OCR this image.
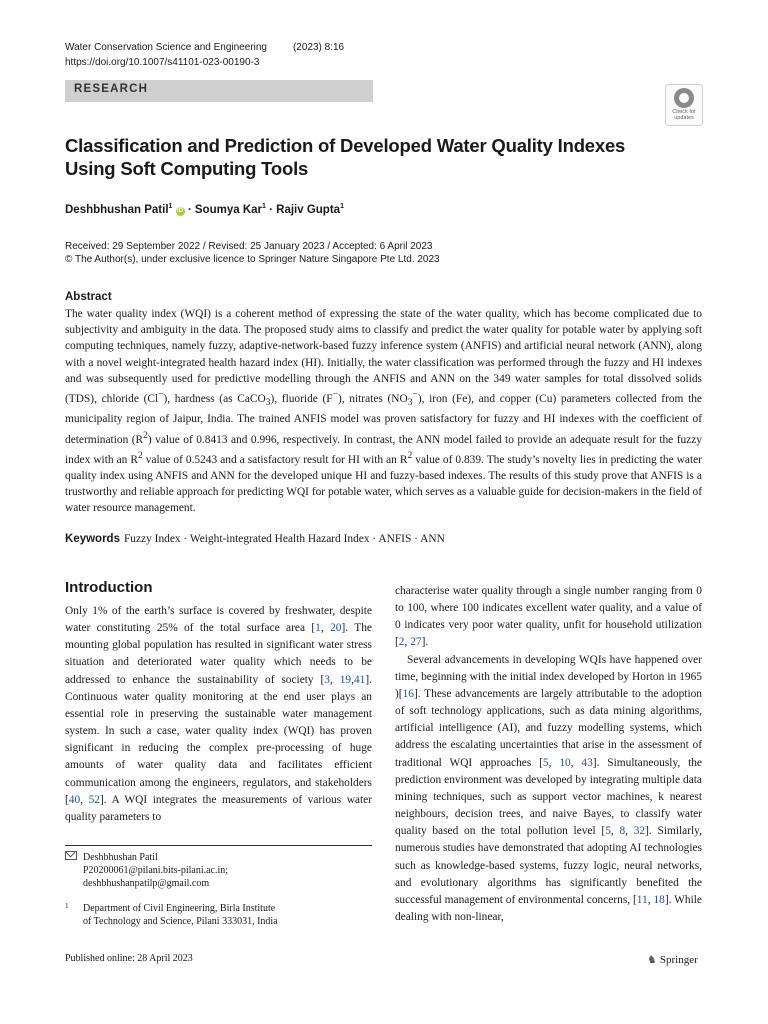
Water Conservation Science and Engineering	(2023) 8:16
https://doi.org/10.1007/s41101-023-00190-3
RESEARCH
Check for
updates
Classification and Prediction of Developed Water Quality Indexes
Using Soft Computing Tools
Deshbhushan Patil$^1$ iD · Soumya Kar$^1$ · Rajiv Gupta$^1$
Received: 29 September 2022 / Revised: 25 January 2023 / Accepted: 6 April 2023
© The Author(s), under exclusive licence to Springer Nature Singapore Pte Ltd. 2023
Abstract
The water quality index (WQI) is a coherent method of expressing the state of the water quality, which has become complicated due to subjectivity and ambiguity in the data. The proposed study aims to classify and predict the water quality for potable water by applying soft computing techniques, namely fuzzy, adaptive-network-based fuzzy inference system (ANFIS) and artificial neural network (ANN), along with a novel weight-integrated health hazard index (HI). Initially, the water classification was performed through the fuzzy and HI indexes and was subsequently used for predictive modelling through the ANFIS and ANN on the 349 water samples for total dissolved solids (TDS), chloride (Cl−), hardness (as CaCO$_3$), fluoride (F−), nitrates $(NO_3^-)$, iron (Fe), and copper (Cu) parameters collected from the municipality region of Jaipur, India. The trained ANFIS model was proven satisfactory for fuzzy and HI indexes with the coefficient of determination $(R^2)$ value of 0.8413 and 0.996, respectively. In contrast, the ANN model failed to provide an adequate result for the fuzzy index with an $R^2$ value of 0.5243 and a satisfactory result for HI with an $R^2$ value of 0.839. The study’s novelty lies in predicting the water quality index using ANFIS and ANN for the developed unique HI and fuzzy-based indexes. The results of this study prove that ANFIS is a trustworthy and reliable approach for predicting WQI for potable water, which serves as a valuable guide for decision-makers in the field of water resource management.
Keywords Fuzzy Index · Weight-integrated Health Hazard Index · ANFIS · ANN
Introduction
Only 1% of the earth’s surface is covered by freshwater, despite water constituting 25% of the total surface area [1, 20]. The mounting global population has resulted in significant water stress situation and deteriorated water quality which needs to be addressed to enhance the sustainability of society [3, 19,41]. Continuous water quality monitoring at the end user plays an essential role in preserving the sustainable water management system. In such a case, water quality index (WQI) has proven significant in reducing the complex pre-processing of huge amounts of water quality data and facilitates efficient communication among the engineers, regulators, and stakeholders [40, 52]. A WQI integrates the measurements of various water quality parameters to

characterise water quality through a single number ranging from 0 to 100, where 100 indicates excellent water quality, and a value of 0 indicates very poor water quality, unfit for household utilization [2, 27].

Several advancements in developing WQIs have happened over time, beginning with the initial index developed by Horton in 1965 )[16]. These advancements are largely attributable to the adoption of soft technology applications, such as data mining algorithms, artificial intelligence (AI), and fuzzy modelling systems, which address the escalating uncertainties that arise in the assessment of traditional WQI approaches [5, 10, 43]. Simultaneously, the prediction environment was developed by integrating multiple data mining techniques, such as support vector machines, k nearest neighbours, decision trees, and naive Bayes, to classify water quality based on the total pollution level [5, 8, 32]. Similarly, numerous studies have demonstrated that adopting AI technologies such as knowledge-based systems, fuzzy logic, neural networks, and evolutionary algorithms has significantly benefited the successful management of environmental concerns, [11, 18]. While dealing with non-linear,

Deshbhushan Patil
P20200061@pilani.bits-pilani.ac.in;
deshbhushanpatilp@gmail.com
1 Department of Civil Engineering, Birla Institute
of Technology and Science, Pilani 333031, India
Published online: 28 April 2023	♞ Springer
